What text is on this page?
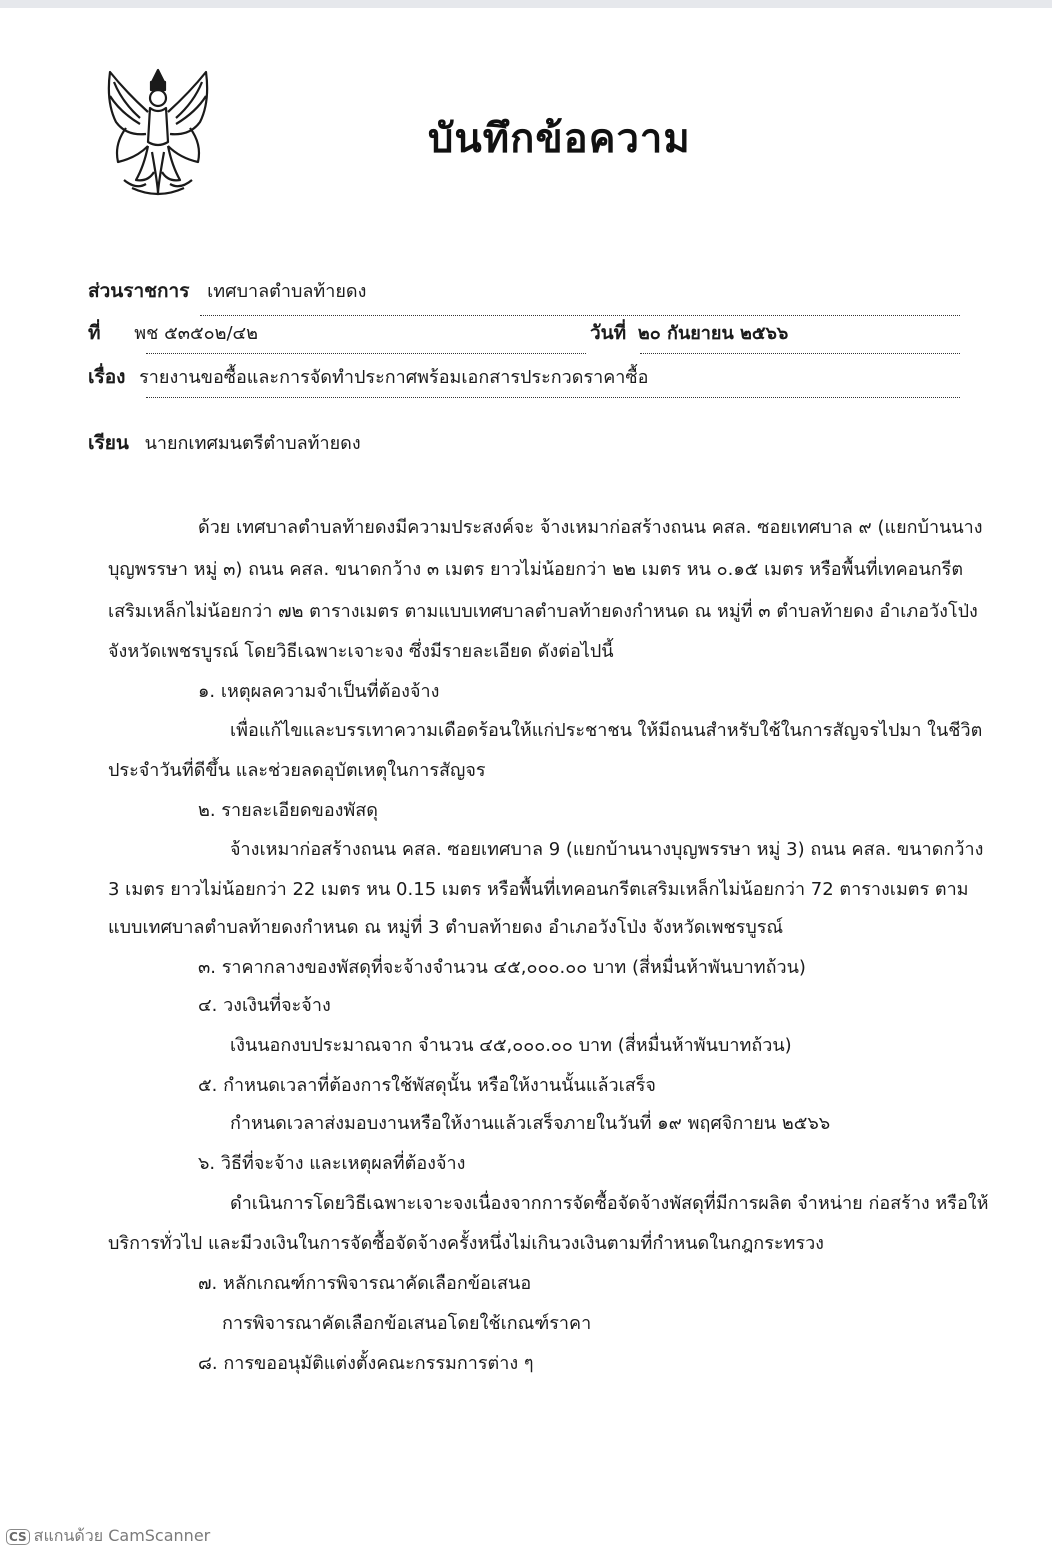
บันทึกข้อความ
ส่วนราชการ เทศบาลตำบลท้ายดง
ที่ พช ๕๓๕๐๒/๔๒	วันที่ ๒๐ กันยายน ๒๕๖๖
เรื่อง รายงานขอซื้อและการจัดทำประกาศพร้อมเอกสารประกวดราคาซื้อ
เรียน นายกเทศมนตรีตำบลท้ายดง
ด้วย เทศบาลตำบลท้ายดงมีความประสงค์จะ จ้างเหมาก่อสร้างถนน คสล. ซอยเทศบาล ๙ (แยกบ้านนาง
บุญพรรษา หมู่ ๓) ถนน คสล. ขนาดกว้าง ๓ เมตร ยาวไม่น้อยกว่า ๒๒ เมตร หน ๐.๑๕ เมตร หรือพื้นที่เทคอนกรีต
เสริมเหล็กไม่น้อยกว่า ๗๒ ตารางเมตร ตามแบบเทศบาลตำบลท้ายดงกำหนด ณ หมู่ที่ ๓ ตำบลท้ายดง อำเภอวังโป่ง
จังหวัดเพชรบูรณ์ โดยวิธีเฉพาะเจาะจง ซึ่งมีรายละเอียด ดังต่อไปนี้
๑. เหตุผลความจำเป็นที่ต้องจ้าง
เพื่อแก้ไขและบรรเทาความเดือดร้อนให้แก่ประชาชน ให้มีถนนสำหรับใช้ในการสัญจรไปมา ในชีวิต
ประจำวันที่ดีขึ้น และช่วยลดอุบัตเหตุในการสัญจร
๒. รายละเอียดของพัสดุ
จ้างเหมาก่อสร้างถนน คสล. ซอยเทศบาล 9 (แยกบ้านนางบุญพรรษา หมู่ 3) ถนน คสล. ขนาดกว้าง
3 เมตร ยาวไม่น้อยกว่า 22 เมตร หน 0.15 เมตร หรือพื้นที่เทคอนกรีตเสริมเหล็กไม่น้อยกว่า 72 ตารางเมตร ตาม
แบบเทศบาลตำบลท้ายดงกำหนด ณ หมู่ที่ 3 ตำบลท้ายดง อำเภอวังโป่ง จังหวัดเพชรบูรณ์
๓. ราคากลางของพัสดุที่จะจ้างจำนวน ๔๕,๐๐๐.๐๐ บาท (สี่หมื่นห้าพันบาทถ้วน)
๔. วงเงินที่จะจ้าง
เงินนอกงบประมาณจาก จำนวน ๔๕,๐๐๐.๐๐ บาท (สี่หมื่นห้าพันบาทถ้วน)
๕. กำหนดเวลาที่ต้องการใช้พัสดุนั้น หรือให้งานนั้นแล้วเสร็จ
กำหนดเวลาส่งมอบงานหรือให้งานแล้วเสร็จภายในวันที่ ๑๙ พฤศจิกายน ๒๕๖๖
๖. วิธีที่จะจ้าง และเหตุผลที่ต้องจ้าง
ดำเนินการโดยวิธีเฉพาะเจาะจงเนื่องจากการจัดซื้อจัดจ้างพัสดุที่มีการผลิต จำหน่าย ก่อสร้าง หรือให้
บริการทั่วไป และมีวงเงินในการจัดซื้อจัดจ้างครั้งหนึ่งไม่เกินวงเงินตามที่กำหนดในกฎกระทรวง
๗. หลักเกณฑ์การพิจารณาคัดเลือกข้อเสนอ
การพิจารณาคัดเลือกข้อเสนอโดยใช้เกณฑ์ราคา
๘. การขออนุมัติแต่งตั้งคณะกรรมการต่าง ๆ
CS สแกนด้วย CamScanner
